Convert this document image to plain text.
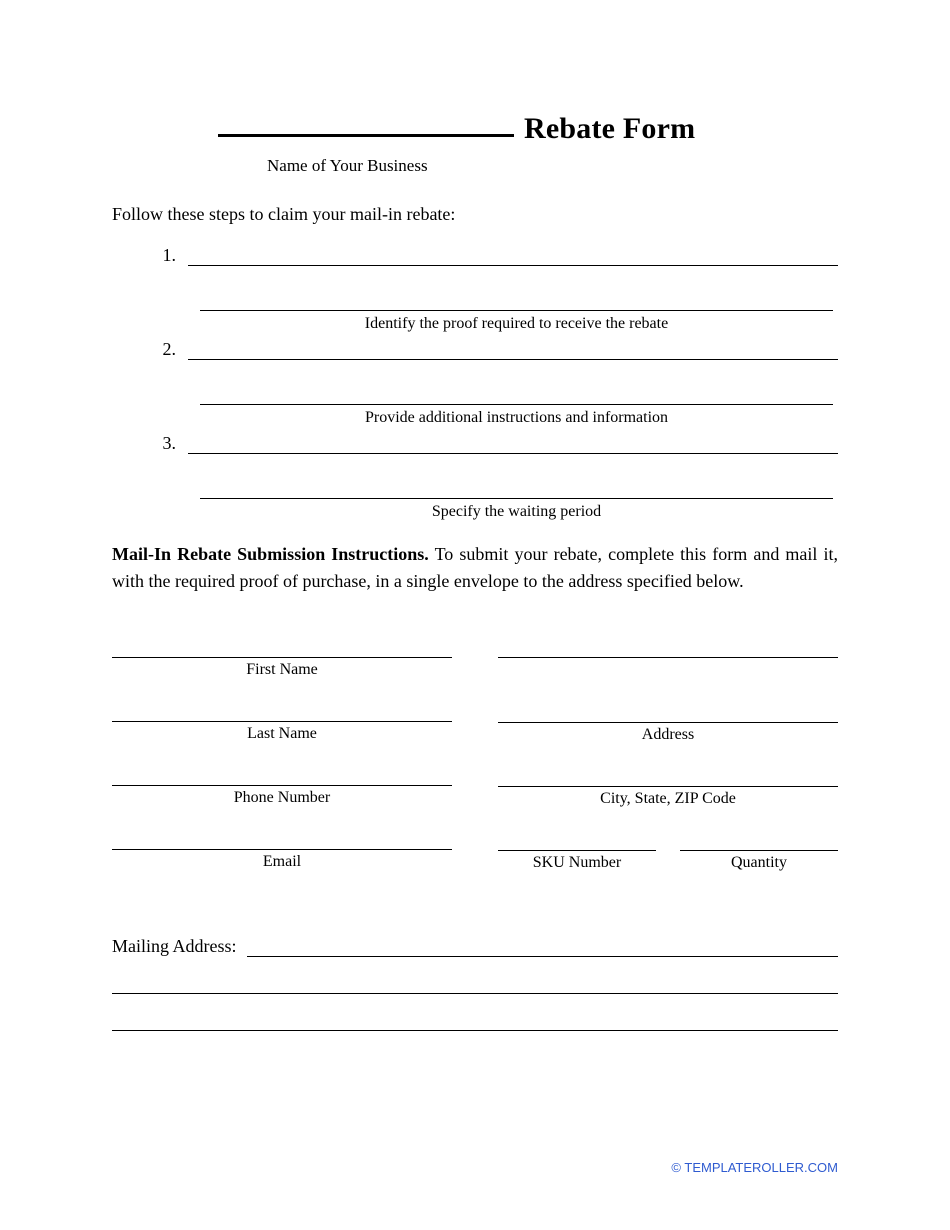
Rebate Form
Name of Your Business
Follow these steps to claim your mail-in rebate:
1.
Identify the proof required to receive the rebate
2.
Provide additional instructions and information
3.
Specify the waiting period
Mail-In Rebate Submission Instructions. To submit your rebate, complete this form and mail it, with the required proof of purchase, in a single envelope to the address specified below.
First Name
Last Name
Phone Number
Email
Address
City, State, ZIP Code
SKU Number	Quantity
Mailing Address:
© TEMPLATEROLLER.COM
